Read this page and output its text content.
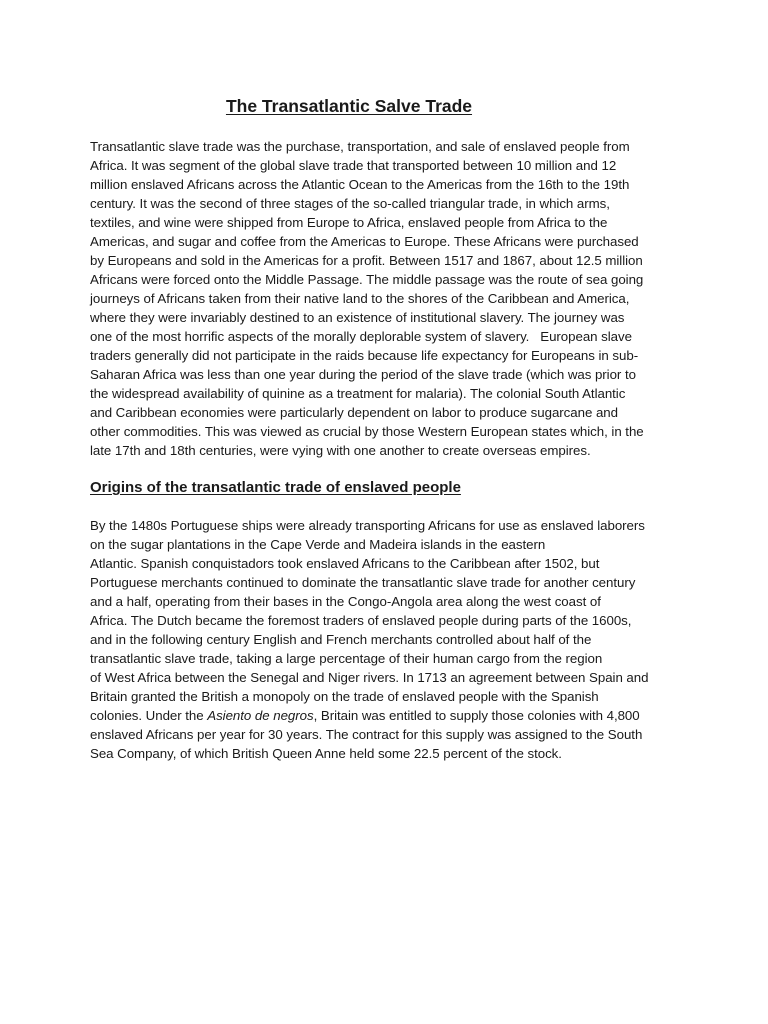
The Transatlantic Salve Trade

Transatlantic slave trade was the purchase, transportation, and sale of enslaved people from
Africa. It was segment of the global slave trade that transported between 10 million and 12
million enslaved Africans across the Atlantic Ocean to the Americas from the 16th to the 19th
century. It was the second of three stages of the so-called triangular trade, in which arms,
textiles, and wine were shipped from Europe to Africa, enslaved people from Africa to the
Americas, and sugar and coffee from the Americas to Europe. These Africans were purchased
by Europeans and sold in the Americas for a profit. Between 1517 and 1867, about 12.5 million
Africans were forced onto the Middle Passage. The middle passage was the route of sea going
journeys of Africans taken from their native land to the shores of the Caribbean and America,
where they were invariably destined to an existence of institutional slavery. The journey was
one of the most horrific aspects of the morally deplorable system of slavery.   European slave
traders generally did not participate in the raids because life expectancy for Europeans in sub-
Saharan Africa was less than one year during the period of the slave trade (which was prior to
the widespread availability of quinine as a treatment for malaria). The colonial South Atlantic
and Caribbean economies were particularly dependent on labor to produce sugarcane and
other commodities. This was viewed as crucial by those Western European states which, in the
late 17th and 18th centuries, were vying with one another to create overseas empires.

Origins of the transatlantic trade of enslaved people

By the 1480s Portuguese ships were already transporting Africans for use as enslaved laborers
on the sugar plantations in the Cape Verde and Madeira islands in the eastern
Atlantic. Spanish conquistadors took enslaved Africans to the Caribbean after 1502, but
Portuguese merchants continued to dominate the transatlantic slave trade for another century
and a half, operating from their bases in the Congo-Angola area along the west coast of
Africa. The Dutch became the foremost traders of enslaved people during parts of the 1600s,
and in the following century English and French merchants controlled about half of the
transatlantic slave trade, taking a large percentage of their human cargo from the region
of West Africa between the Senegal and Niger rivers. In 1713 an agreement between Spain and
Britain granted the British a monopoly on the trade of enslaved people with the Spanish
colonies. Under the Asiento de negros, Britain was entitled to supply those colonies with 4,800
enslaved Africans per year for 30 years. The contract for this supply was assigned to the South
Sea Company, of which British Queen Anne held some 22.5 percent of the stock.
